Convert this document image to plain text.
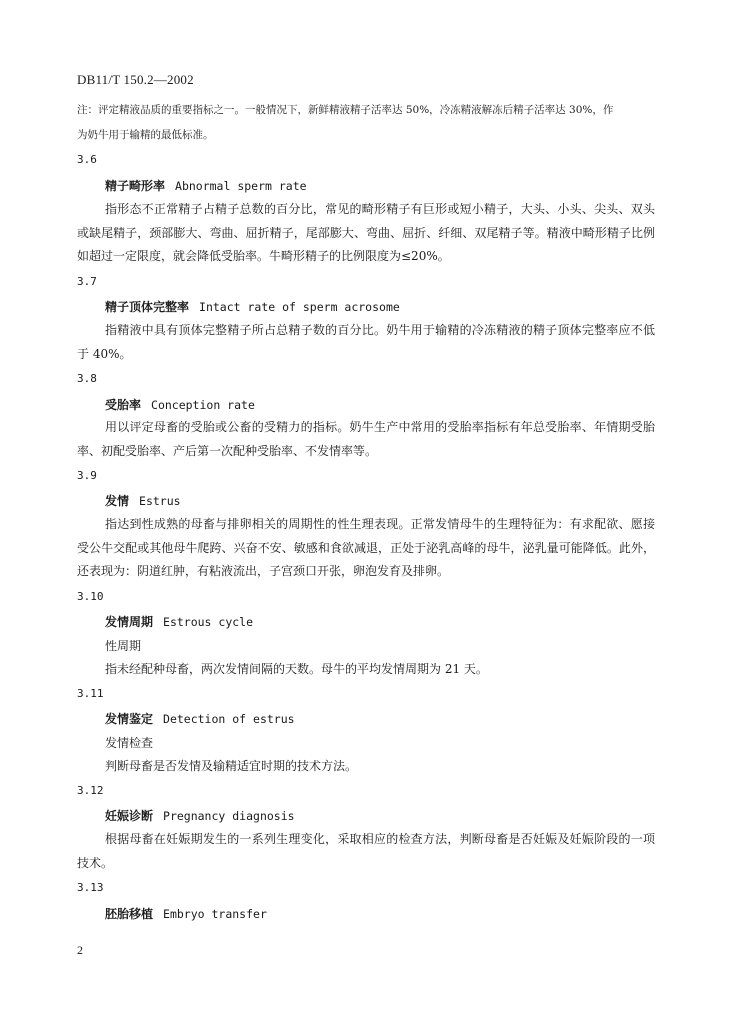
DB11/T 150.2—2002
注：评定精液品质的重要指标之一。一般情况下，新鲜精液精子活率达 50%，冷冻精液解冻后精子活率达 30%，作
为奶牛用于输精的最低标准。
3.6
精子畸形率 Abnormal sperm rate
指形态不正常精子占精子总数的百分比，常见的畸形精子有巨形或短小精子，大头、小头、尖头、双头或缺尾精子，颈部膨大、弯曲、屈折精子，尾部膨大、弯曲、屈折、纤细、双尾精子等。精液中畸形精子比例如超过一定限度，就会降低受胎率。牛畸形精子的比例限度为≤20%。
3.7
精子顶体完整率 Intact rate of sperm acrosome
指精液中具有顶体完整精子所占总精子数的百分比。奶牛用于输精的冷冻精液的精子顶体完整率应不低于 40%。
3.8
受胎率 Conception rate
用以评定母畜的受胎或公畜的受精力的指标。奶牛生产中常用的受胎率指标有年总受胎率、年情期受胎率、初配受胎率、产后第一次配种受胎率、不发情率等。
3.9
发情 Estrus
指达到性成熟的母畜与排卵相关的周期性的性生理表现。正常发情母牛的生理特征为：有求配欲、愿接受公牛交配或其他母牛爬跨、兴奋不安、敏感和食欲减退，正处于泌乳高峰的母牛，泌乳量可能降低。此外，还表现为：阴道红肿，有粘液流出，子宫颈口开张，卵泡发育及排卵。
3.10
发情周期 Estrous cycle
性周期
指未经配种母畜，两次发情间隔的天数。母牛的平均发情周期为 21 天。
3.11
发情鉴定 Detection of estrus
发情检查
判断母畜是否发情及输精适宜时期的技术方法。
3.12
妊娠诊断 Pregnancy diagnosis
根据母畜在妊娠期发生的一系列生理变化，采取相应的检查方法，判断母畜是否妊娠及妊娠阶段的一项技术。
3.13
胚胎移植 Embryo transfer
2
